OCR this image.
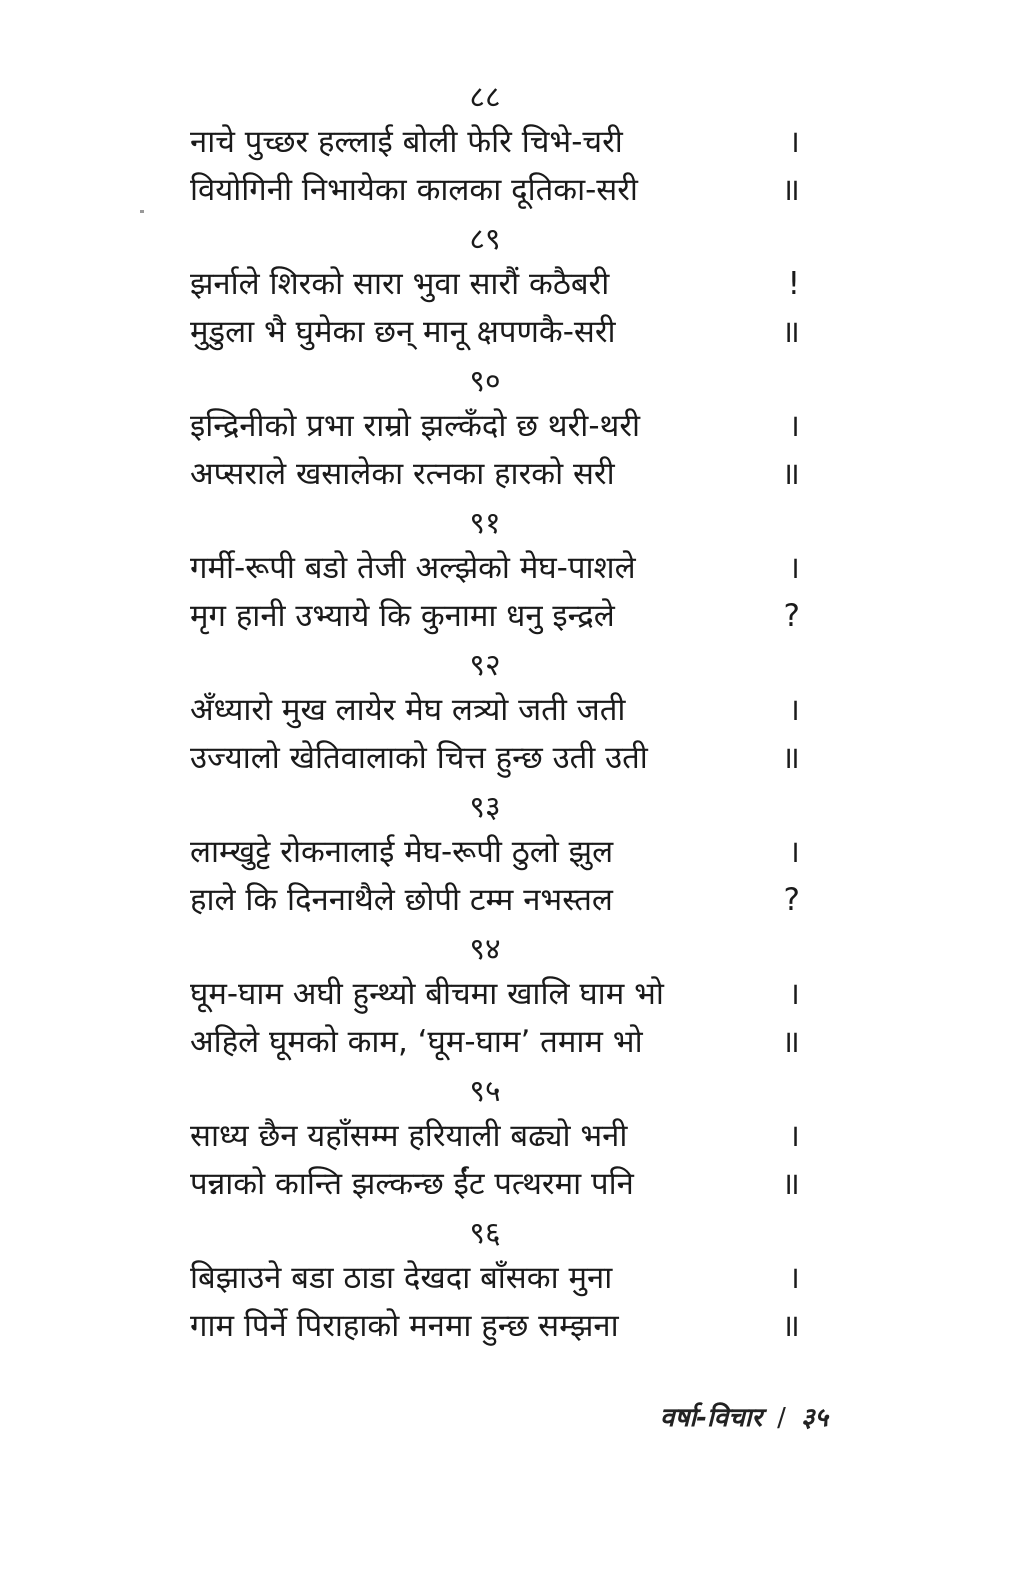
८८
नाचे पुच्छर हल्लाई बोली फेरि चिभे-चरी	।
वियोगिनी निभायेका कालका दूतिका-सरी	॥
८९
झर्नाले शिरको सारा भुवा सारौं कठैबरी	!
मुडुला भै घुमेका छन् मानू क्षपणकै-सरी	॥
९०
इन्द्रिनीको प्रभा राम्रो झल्कँदो छ थरी-थरी	।
अप्सराले खसालेका रत्नका हारको सरी	॥
९१
गर्मी-रूपी बडो तेजी अल्झेको मेघ-पाशले	।
मृग हानी उभ्याये कि कुनामा धनु इन्द्रले	?
९२
अँध्यारो मुख लायेर मेघ लत्र्यो जती जती	।
उज्यालो खेतिवालाको चित्त हुन्छ उती उती	॥
९३
लाम्खुट्टे रोकनालाई मेघ-रूपी ठुलो झुल	।
हाले कि दिननाथैले छोपी टम्म नभस्तल	?
९४
घूम-घाम अघी हुन्थ्यो बीचमा खालि घाम भो	।
अहिले घूमको काम, ‘घूम-घाम’ तमाम भो	॥
९५
साध्य छैन यहाँसम्म हरियाली बढ्यो भनी	।
पन्नाको कान्ति झल्कन्छ ईंट पत्थरमा पनि	॥
९६
बिझाउने बडा ठाडा देखदा बाँसका मुना	।
गाम पिर्ने पिराहाको मनमा हुन्छ सम्झना	॥
वर्षा-विचार / ३५
